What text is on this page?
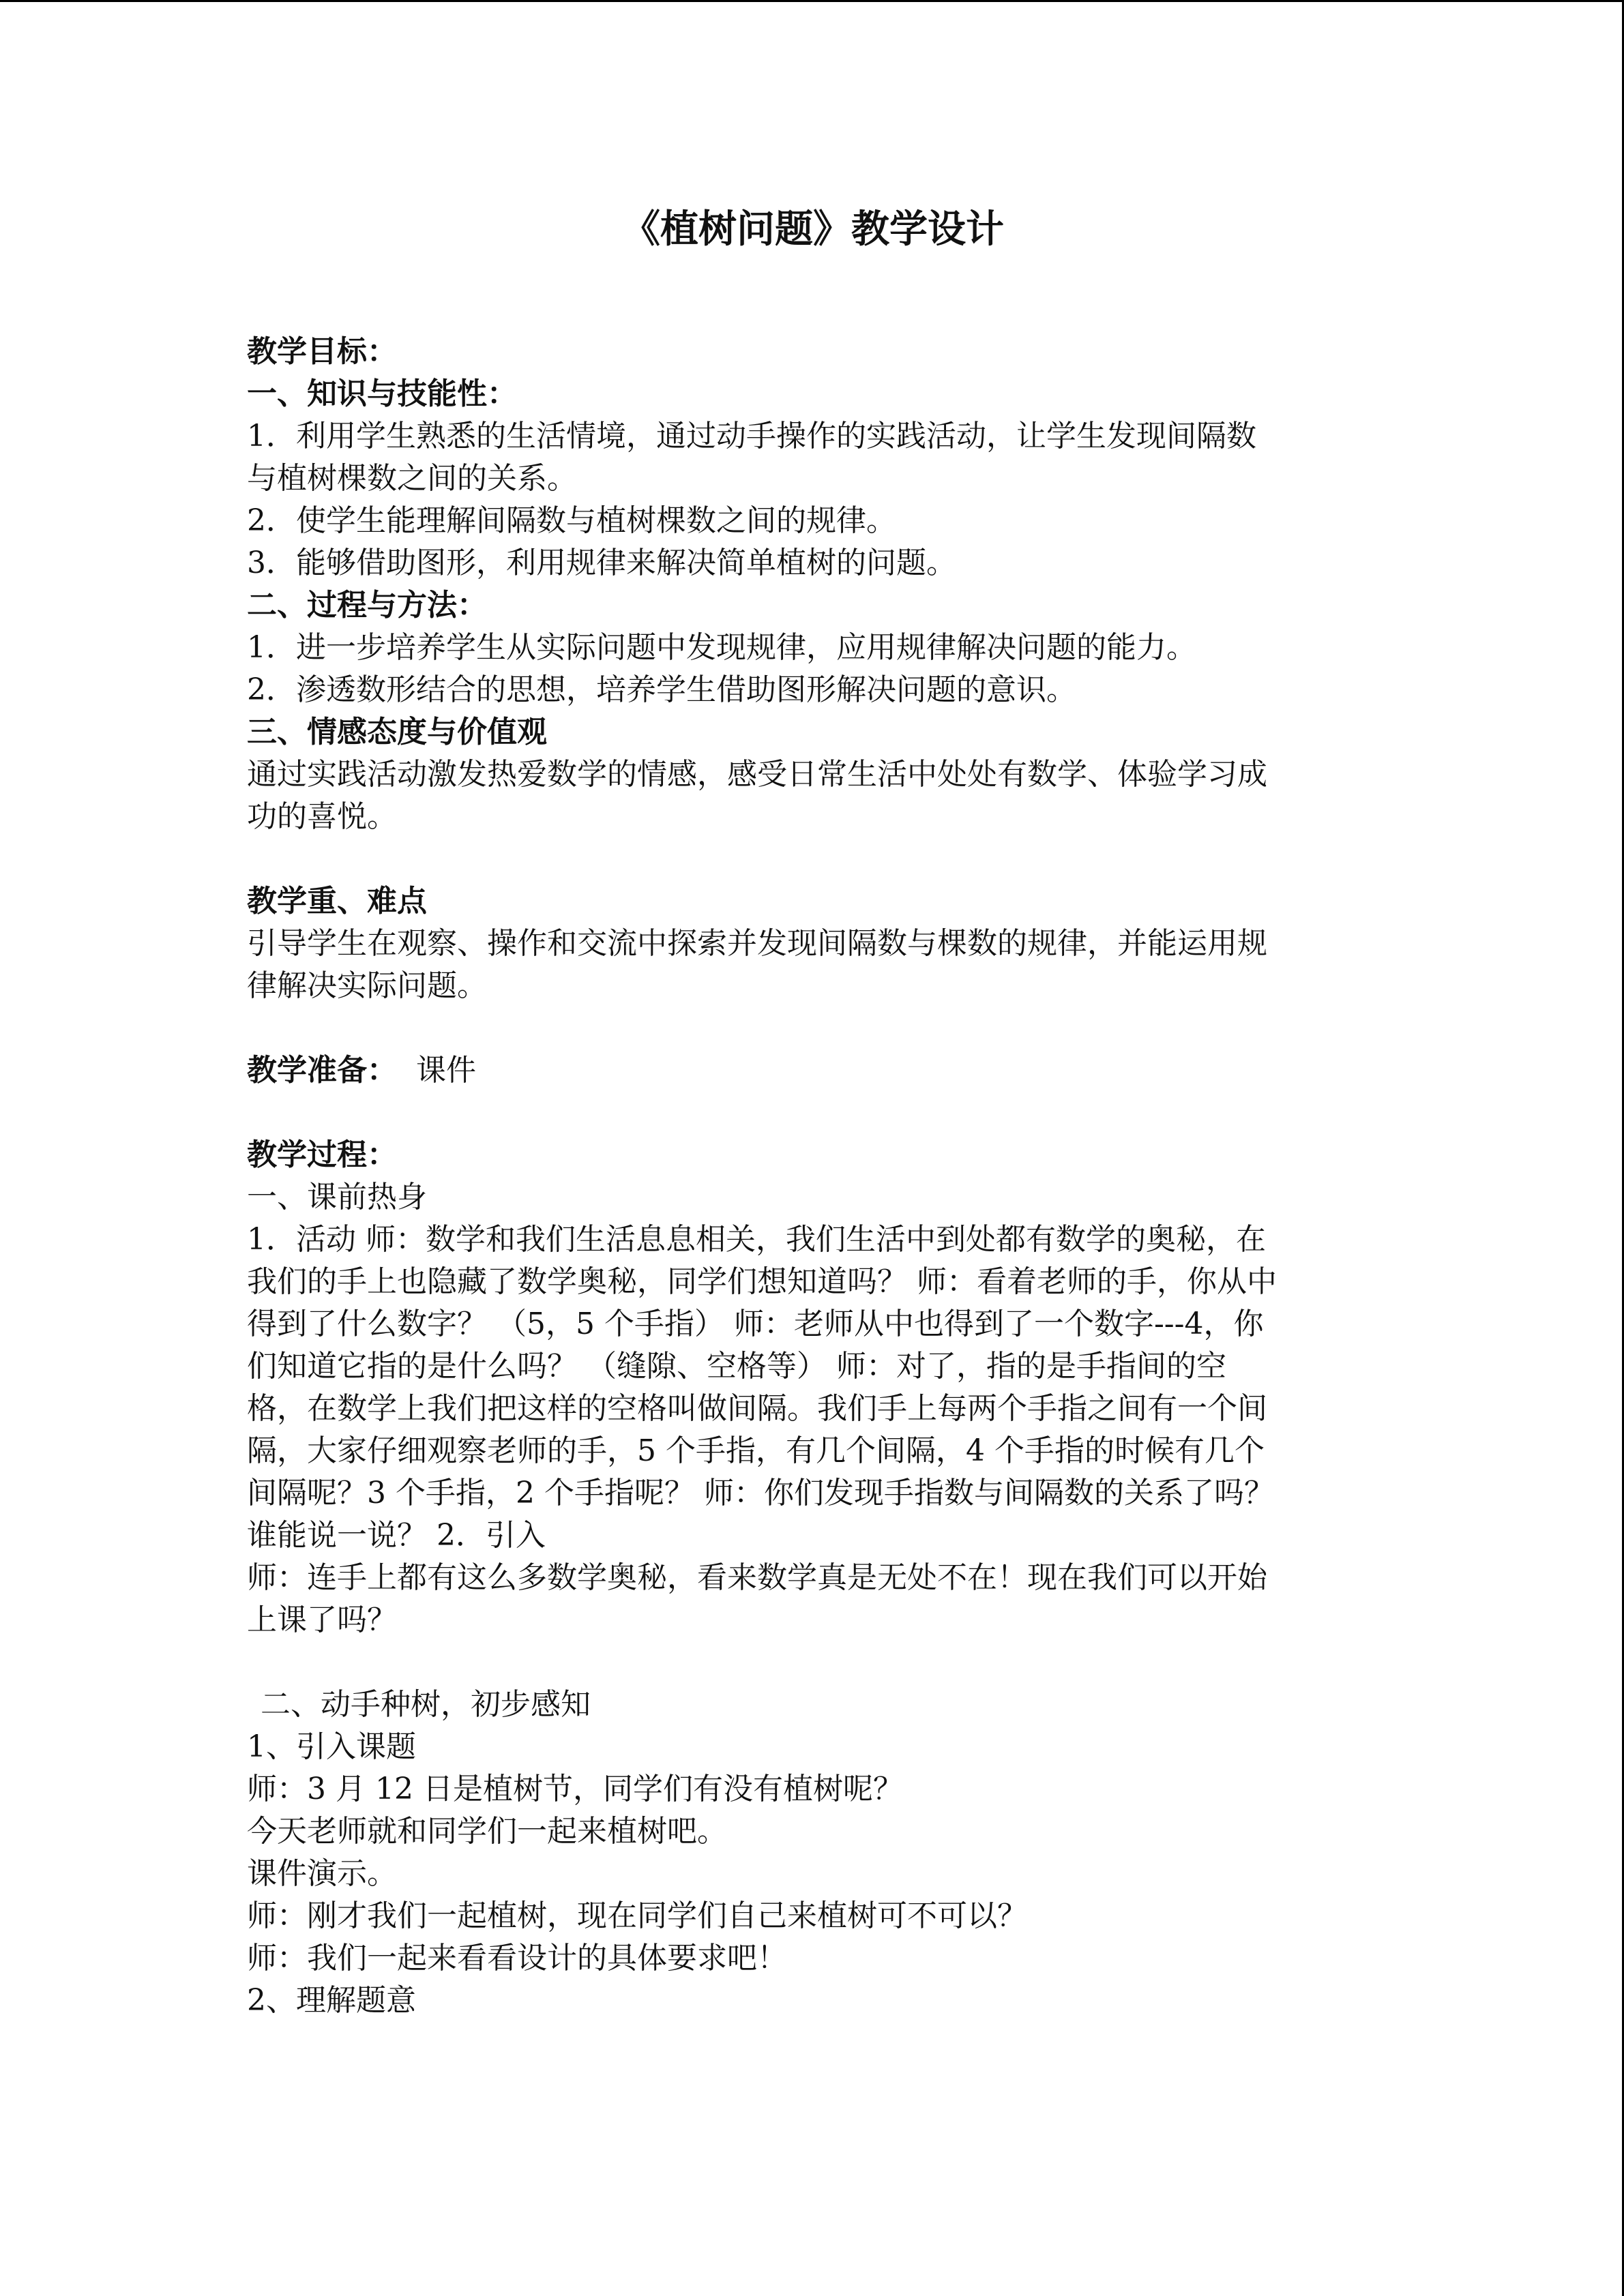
《植树问题》教学设计

教学目标：

一、知识与技能性：

1．利用学生熟悉的生活情境，通过动手操作的实践活动，让学生发现间隔数

与植树棵数之间的关系。

2．使学生能理解间隔数与植树棵数之间的规律。

3．能够借助图形，利用规律来解决简单植树的问题。

二、过程与方法：

1．进一步培养学生从实际问题中发现规律，应用规律解决问题的能力。

2．渗透数形结合的思想，培养学生借助图形解决问题的意识。

三、情感态度与价值观

通过实践活动激发热爱数学的情感，感受日常生活中处处有数学、体验学习成

功的喜悦。

教学重、难点

引导学生在观察、操作和交流中探索并发现间隔数与棵数的规律，并能运用规

律解决实际问题。

教学准备： 课件

教学过程：

一、课前热身

1．活动 师：数学和我们生活息息相关，我们生活中到处都有数学的奥秘，在

我们的手上也隐藏了数学奥秘，同学们想知道吗？ 师：看着老师的手，你从中

得到了什么数字？ （5，5 个手指） 师：老师从中也得到了一个数字---4，你

们知道它指的是什么吗？ （缝隙、空格等） 师：对了，指的是手指间的空

格，在数学上我们把这样的空格叫做间隔。我们手上每两个手指之间有一个间

隔，大家仔细观察老师的手，5 个手指，有几个间隔，4 个手指的时候有几个

间隔呢？3 个手指，2 个手指呢？ 师：你们发现手指数与间隔数的关系了吗？

谁能说一说？ 2．引入

师：连手上都有这么多数学奥秘，看来数学真是无处不在！现在我们可以开始

上课了吗？

二、动手种树，初步感知

1、引入课题

师：3 月 12 日是植树节，同学们有没有植树呢？

今天老师就和同学们一起来植树吧。

课件演示。

师：刚才我们一起植树，现在同学们自己来植树可不可以？

师：我们一起来看看设计的具体要求吧！

2、理解题意
